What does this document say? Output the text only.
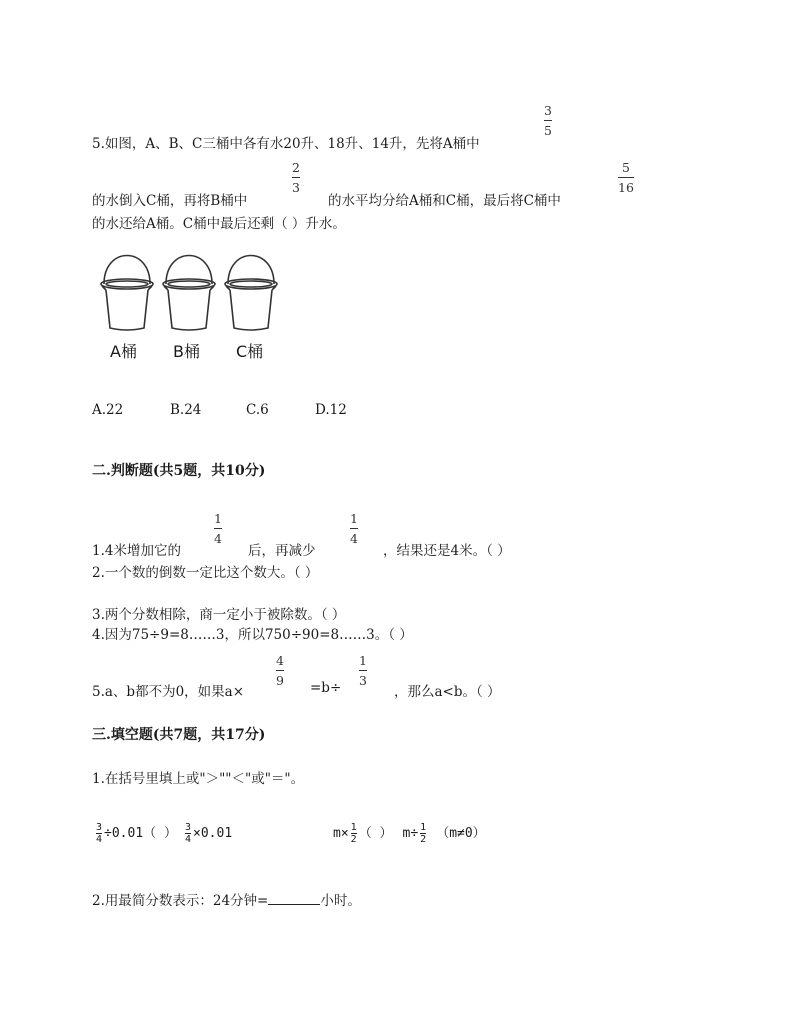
3
5
5.如图，A、B、C三桶中各有水20升、18升、14升，先将A桶中
2
3
5
16
的水倒入C桶，再将B桶中	的水平均分给A桶和C桶，最后将C桶中
的水还给A桶。C桶中最后还剩（ ）升水。
A桶 B桶 C桶
A.22	B.24	C.6	D.12
二.判断题(共5题，共10分)
1
4
1
4
1.4米增加它的	后，再减少	，结果还是4米。（ ）
2.一个数的倒数一定比这个数大。（ ）
3.两个分数相除，商一定小于被除数。（ ）
4.因为75÷9=8……3，所以750÷90=8……3。（ ）
4
9
1
3
5.a、b都不为0，如果a×	=b÷	，那么a<b。（ ）
三.填空题(共7题，共17分)
1.在括号里填上或"＞""＜"或"＝"。
$\frac{3}{4} \div 0.01$（ ） $\frac{3}{4} \times 0.01$	$m\times \frac{1}{2}$ （ ） $m\div \frac{1}{2} (m\ne 0)$
2.用最简分数表示：24分钟=	小时。
